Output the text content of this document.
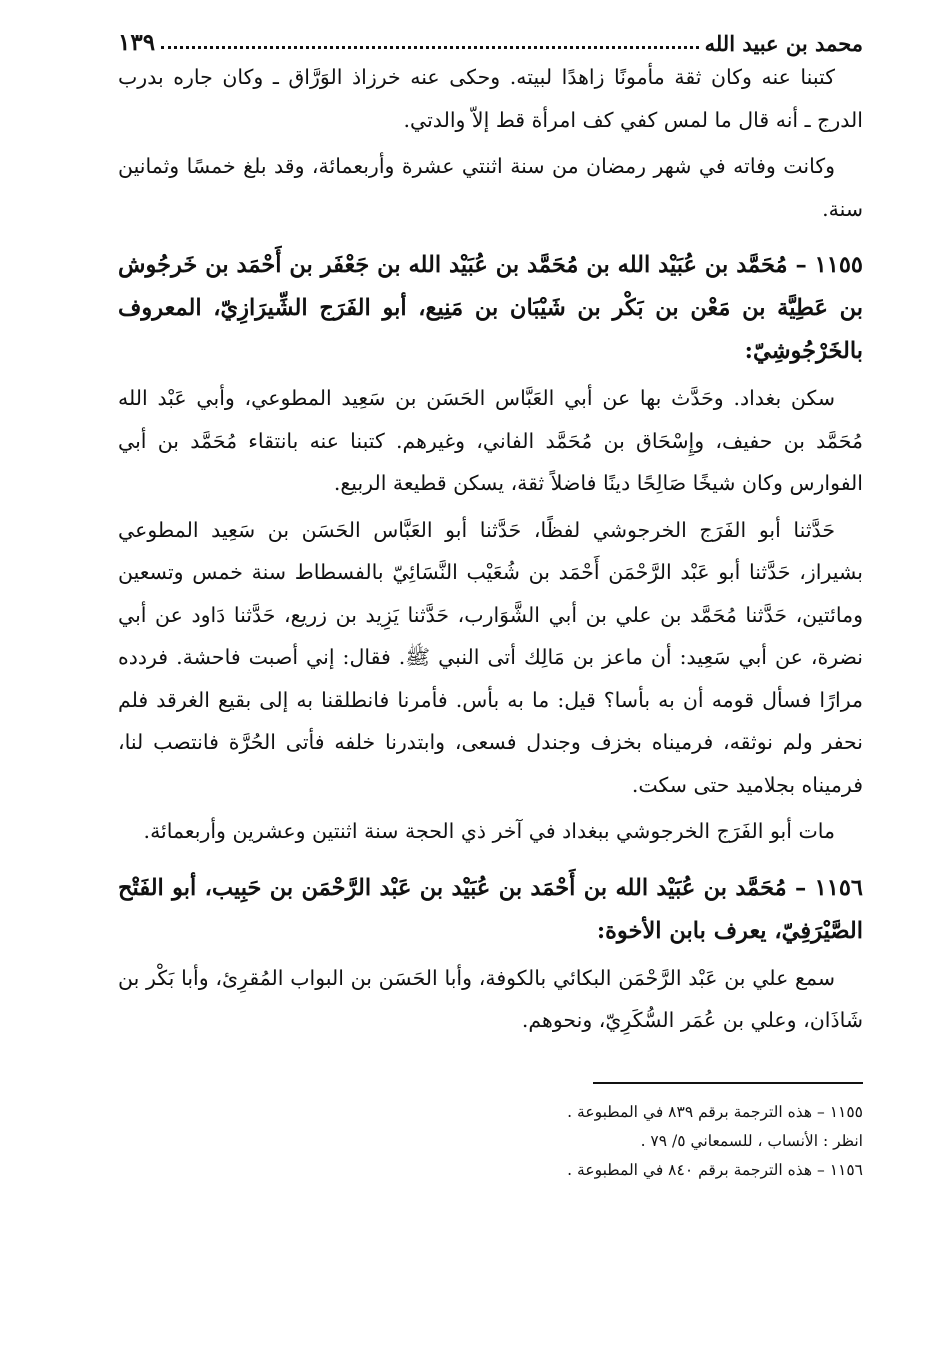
محمد بن عبيد الله
١٣٩

كتبنا عنه وكان ثقة مأمونًا زاهدًا لبيته. وحكى عنه خرزاذ الوَرَّاق ـ وكان جاره بدرب الدرج ـ أنه قال ما لمس كفي كف امرأة قط إلاّ والدتي.

وكانت وفاته في شهر رمضان من سنة اثنتي عشرة وأربعمائة، وقد بلغ خمسًا وثمانين سنة.

١١٥٥ – مُحَمَّد بن عُبَيْد الله بن مُحَمَّد بن عُبَيْد الله بن جَعْفَر بن أَحْمَد بن خَرجُوش بن عَطِيَّة بن مَعْن بن بَكْر بن شَيْبَان بن مَنِيع، أبو الفَرَج الشِّيرَازِيّ، المعروف بالخَرْجُوشِيّ:

سكن بغداد. وحَدَّث بها عن أبي العَبَّاس الحَسَن بن سَعِيد المطوعي، وأبي عَبْد الله مُحَمَّد بن حفيف، وإِسْحَاق بن مُحَمَّد الفاني، وغيرهم. كتبنا عنه بانتقاء مُحَمَّد بن أبي الفوارس وكان شيخًا صَالِحًا دينًا فاضلاً ثقة، يسكن قطيعة الربيع.

حَدَّثنا أبو الفَرَج الخرجوشي لفظًا، حَدَّثنا أبو العَبَّاس الحَسَن بن سَعِيد المطوعي بشيراز، حَدَّثنا أبو عَبْد الرَّحْمَن أَحْمَد بن شُعَيْب النَّسَائِيّ بالفسطاط سنة خمس وتسعين ومائتين، حَدَّثنا مُحَمَّد بن علي بن أبي الشَّوَارب، حَدَّثنا يَزِيد بن زريع، حَدَّثنا دَاود عن أبي نضرة، عن أبي سَعِيد: أن ماعز بن مَالِك أتى النبي ﷺ. فقال: إني أصبت فاحشة. فردده مرارًا فسأل قومه أن به بأسا؟ قيل: ما به بأس. فأمرنا فانطلقنا به إلى بقيع الغرقد فلم نحفر ولم نوثقه، فرميناه بخزف وجندل فسعى، وابتدرنا خلفه فأتى الحُرَّة فانتصب لنا، فرميناه بجلاميد حتى سكت.

مات أبو الفَرَج الخرجوشي ببغداد في آخر ذي الحجة سنة اثنتين وعشرين وأربعمائة.

١١٥٦ – مُحَمَّد بن عُبَيْد الله بن أَحْمَد بن عُبَيْد بن عَبْد الرَّحْمَن بن حَبِيب، أبو الفَتْح الصَّيْرَفِيّ، يعرف بابن الأخوة:

سمع علي بن عَبْد الرَّحْمَن البكائي بالكوفة، وأبا الحَسَن بن البواب المُقرِئ، وأبا بَكْر بن شَاذَان، وعلي بن عُمَر السُّكَرِيّ، ونحوهم.

١١٥٥ – هذه الترجمة برقم ٨٣٩ في المطبوعة .
انظر : الأنساب ، للسمعاني ٥/ ٧٩ .
١١٥٦ – هذه الترجمة برقم ٨٤٠ في المطبوعة .
